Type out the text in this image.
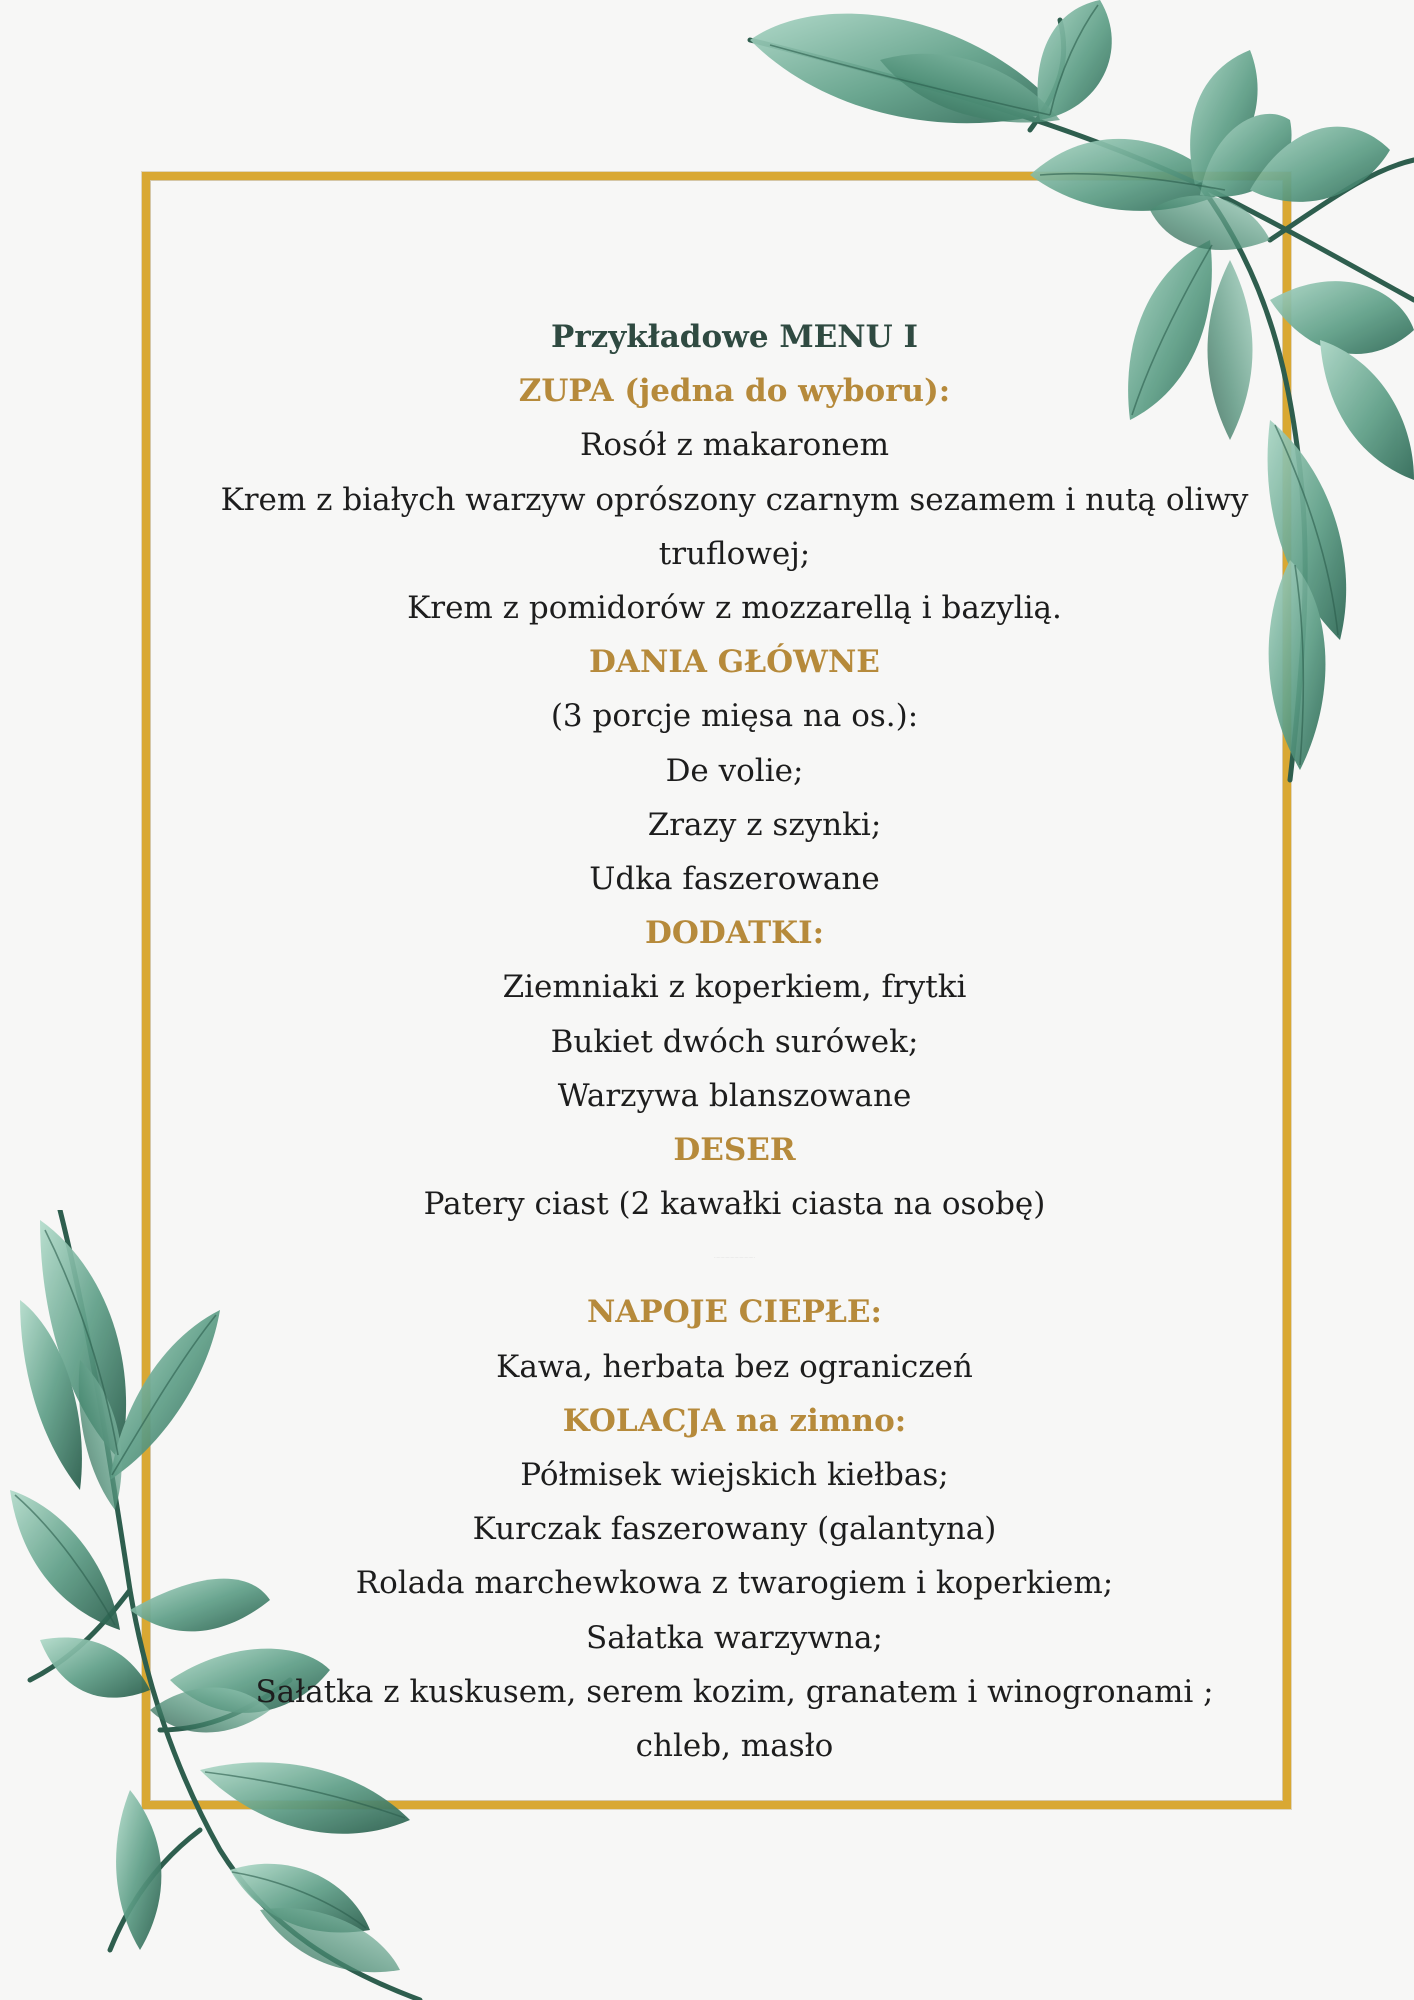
Przykładowe MENU I
ZUPA (jedna do wyboru):
Rosół z makaronem
Krem z białych warzyw oprószony czarnym sezamem i nutą oliwy
truflowej;
Krem z pomidorów z mozzarellą i bazylią.
DANIA GŁÓWNE
(3 porcje mięsa na os.):
De volie;
Zrazy z szynki;
Udka faszerowane
DODATKI:
Ziemniaki z koperkiem, frytki
Bukiet dwóch surówek;
Warzywa blanszowane
DESER
Patery ciast (2 kawałki ciasta na osobę)
................................
NAPOJE CIEPŁE:
Kawa, herbata bez ograniczeń
KOLACJA na zimno:
Półmisek wiejskich kiełbas;
Kurczak faszerowany (galantyna)
Rolada marchewkowa z twarogiem i koperkiem;
Sałatka warzywna;
Sałatka z kuskusem, serem kozim, granatem i winogronami ;
chleb, masło
